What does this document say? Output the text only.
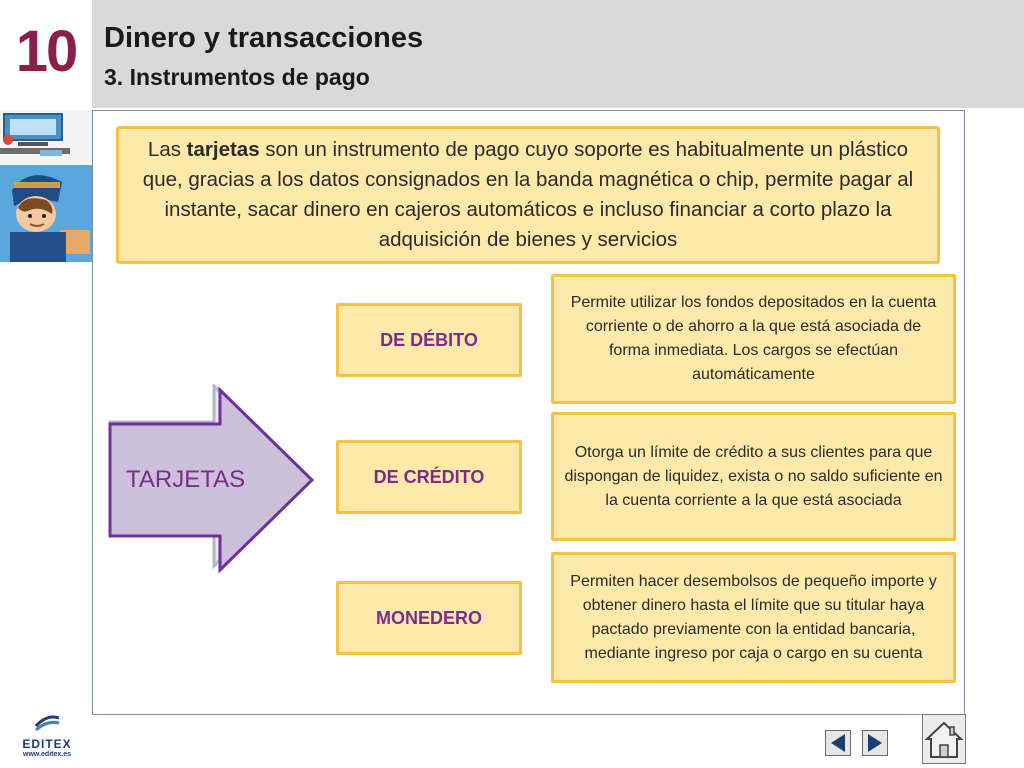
10 Dinero y transacciones
3. Instrumentos de pago

Las tarjetas son un instrumento de pago cuyo soporte es habitualmente un plástico que, gracias a los datos consignados en la banda magnética o chip, permite pagar al instante, sacar dinero en cajeros automáticos e incluso financiar a corto plazo la adquisición de bienes y servicios

TARJETAS
DE DÉBITO
DE CRÉDITO
MONEDERO
Permite utilizar los fondos depositados en la cuenta corriente o de ahorro a la que está asociada de forma inmediata. Los cargos se efectúan automáticamente
Otorga un límite de crédito a sus clientes para que dispongan de liquidez, exista o no saldo suficiente en la cuenta corriente a la que está asociada
Permiten hacer desembolsos de pequeño importe y obtener dinero hasta el límite que su titular haya pactado previamente con la entidad bancaria, mediante ingreso por caja o cargo en su cuenta
EDITEX
www.editex.es
